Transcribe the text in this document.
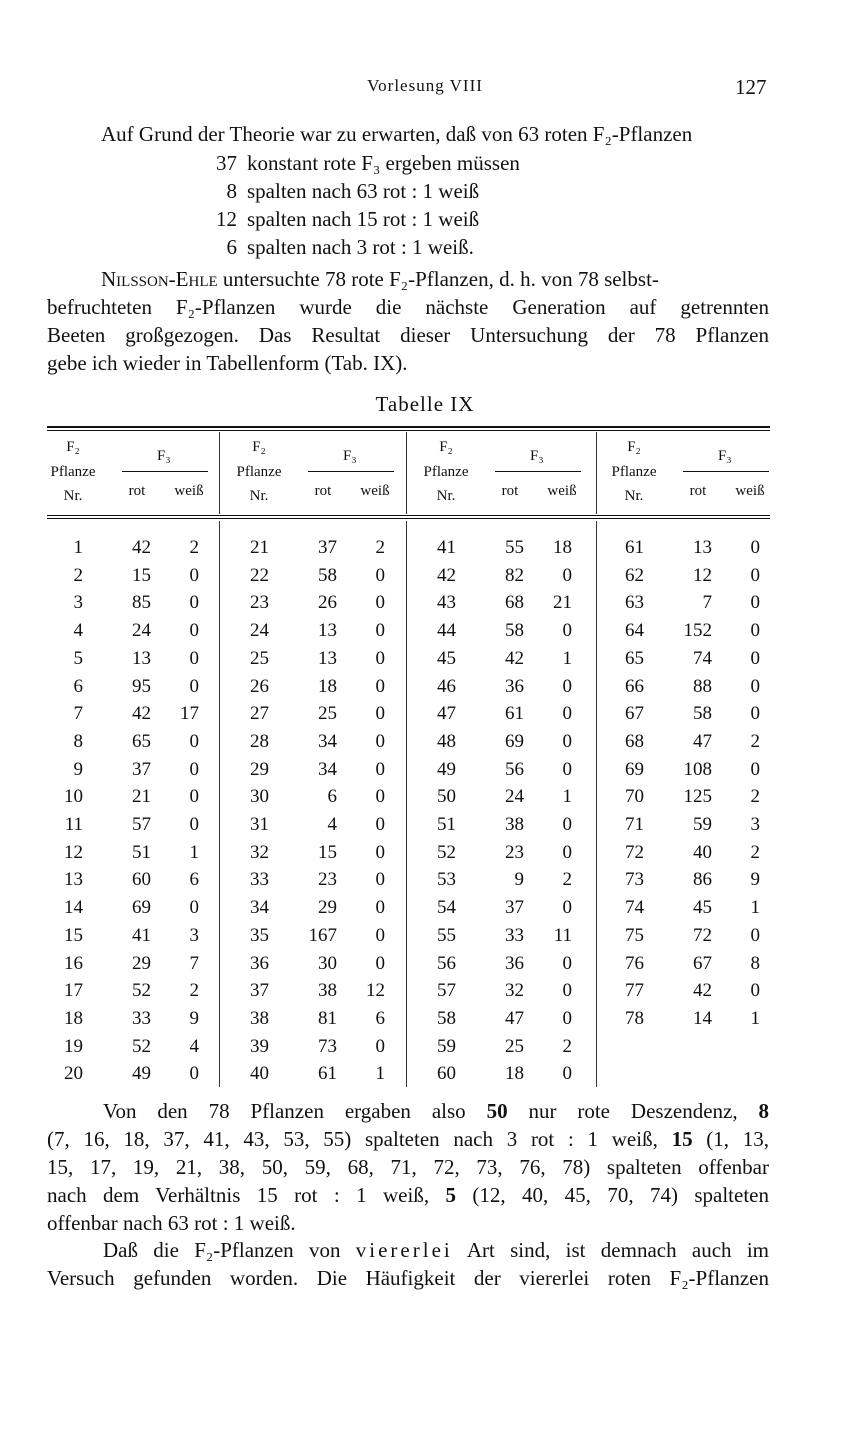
Vorlesung VIII	127
Auf Grund der Theorie war zu erwarten, daß von 63 roten F₂-Pflanzen
37 konstant rote F₃ ergeben müssen
8 spalten nach 63 rot : 1 weiß
12 spalten nach 15 rot : 1 weiß
6 spalten nach 3 rot : 1 weiß.
Nilsson-Ehle untersuchte 78 rote F₂-Pflanzen, d. h. von 78 selbst-
befruchteten F₂-Pflanzen wurde die nächste Generation auf getrennten
Beeten großgezogen. Das Resultat dieser Untersuchung der 78 Pflanzen
gebe ich wieder in Tabellenform (Tab. IX).
Tabelle IX
F₂
Pflanze
Nr.
F₃
rot	weiß
F₂
Pflanze
Nr.
F₃
rot	weiß
F₂
Pflanze
Nr.
F₃
rot	weiß
F₂
Pflanze
Nr.
F₃
rot	weiß
1	42	2
2	15	0
3	85	0
4	24	0
5	13	0
6	95	0
7	42	17
8	65	0
9	37	0
10	21	0
11	57	0
12	51	1
13	60	6
14	69	0
15	41	3
16	29	7
17	52	2
18	33	9
19	52	4
20	49	0
21	37	2
22	58	0
23	26	0
24	13	0
25	13	0
26	18	0
27	25	0
28	34	0
29	34	0
30	6	0
31	4	0
32	15	0
33	23	0
34	29	0
35	167	0
36	30	0
37	38	12
38	81	6
39	73	0
40	61	1
41	55	18
42	82	0
43	68	21
44	58	0
45	42	1
46	36	0
47	61	0
48	69	0
49	56	0
50	24	1
51	38	0
52	23	0
53	9	2
54	37	0
55	33	11
56	36	0
57	32	0
58	47	0
59	25	2
60	18	0
61	13	0
62	12	0
63	7	0
64	152	0
65	74	0
66	88	0
67	58	0
68	47	2
69	108	0
70	125	2
71	59	3
72	40	2
73	86	9
74	45	1
75	72	0
76	67	8
77	42	0
78	14	1
Von den 78 Pflanzen ergaben also 50 nur rote Deszendenz, 8
(7, 16, 18, 37, 41, 43, 53, 55) spalteten nach 3 rot : 1 weiß, 15 (1, 13,
15, 17, 19, 21, 38, 50, 59, 68, 71, 72, 73, 76, 78) spalteten offenbar
nach dem Verhältnis 15 rot : 1 weiß, 5 (12, 40, 45, 70, 74) spalteten
offenbar nach 63 rot : 1 weiß.
Daß die F₂-Pflanzen von viererlei Art sind, ist demnach auch im
Versuch gefunden worden. Die Häufigkeit der viererlei roten F₂-Pflanzen
